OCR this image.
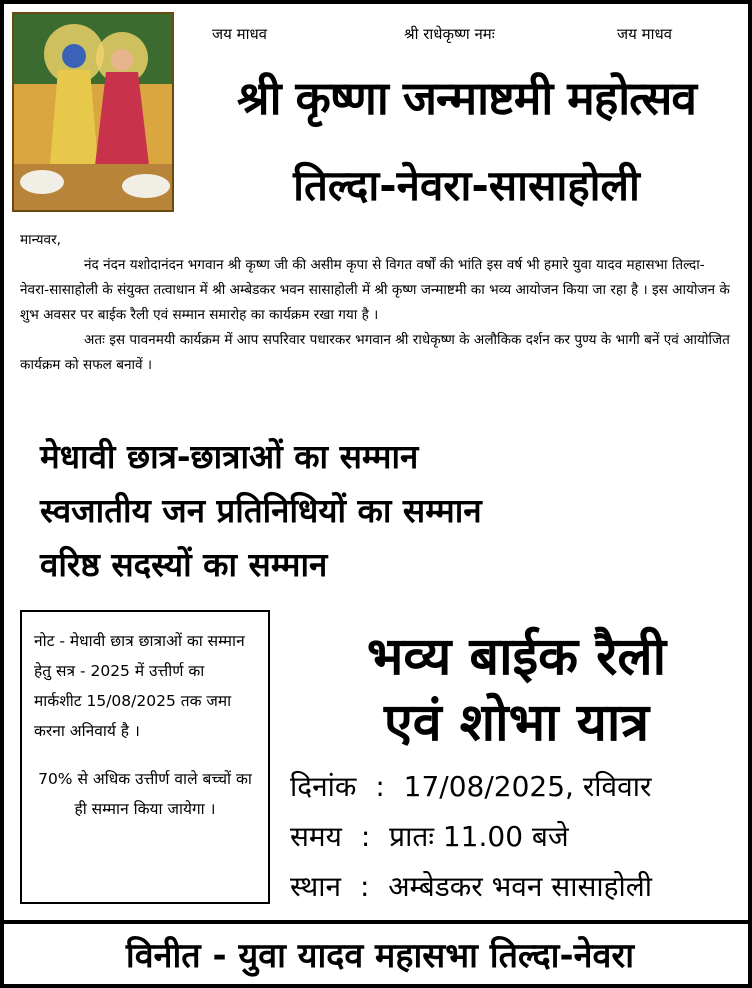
जय माधव	श्री राधेकृष्ण नमः	जय माधव
श्री कृष्णा जन्माष्टमी महोत्सव
तिल्दा-नेवरा-सासाहोली

मान्यवर,

नंद नंदन यशोदानंदन भगवान श्री कृष्ण जी की असीम कृपा से विगत वर्षों की भांति इस वर्ष भी हमारे युवा यादव महासभा तिल्दा-नेवरा-सासाहोली के संयुक्त तत्वाधान में श्री अम्बेडकर भवन सासाहोली में श्री कृष्ण जन्माष्टमी का भव्य आयोजन किया जा रहा है । इस आयोजन के शुभ अवसर पर बाईक रैली एवं सम्मान समारोह का कार्यक्रम रखा गया है ।

अतः इस पावनमयी कार्यक्रम में आप सपरिवार पधारकर भगवान श्री राधेकृष्ण के अलौकिक दर्शन कर पुण्य के भागी बनें एवं आयोजित कार्यक्रम को सफल बनावें ।

मेधावी छात्र-छात्राओं का सम्मान
स्वजातीय जन प्रतिनिधियों का सम्मान
वरिष्ठ सदस्यों का सम्मान
नोट - मेधावी छात्र छात्राओं का सम्मान हेतु सत्र - 2025 में उत्तीर्ण का मार्कशीट 15/08/2025 तक जमा करना अनिवार्य है ।
70% से अधिक उत्तीर्ण वाले बच्चों का ही सम्मान किया जायेगा ।
भव्य बाईक रैली
एवं शोभा यात्र
दिनांक : 17/08/2025, रविवार
समय : प्रातः 11.00 बजे
स्थान : अम्बेडकर भवन सासाहोली
विनीत - युवा यादव महासभा तिल्दा-नेवरा
